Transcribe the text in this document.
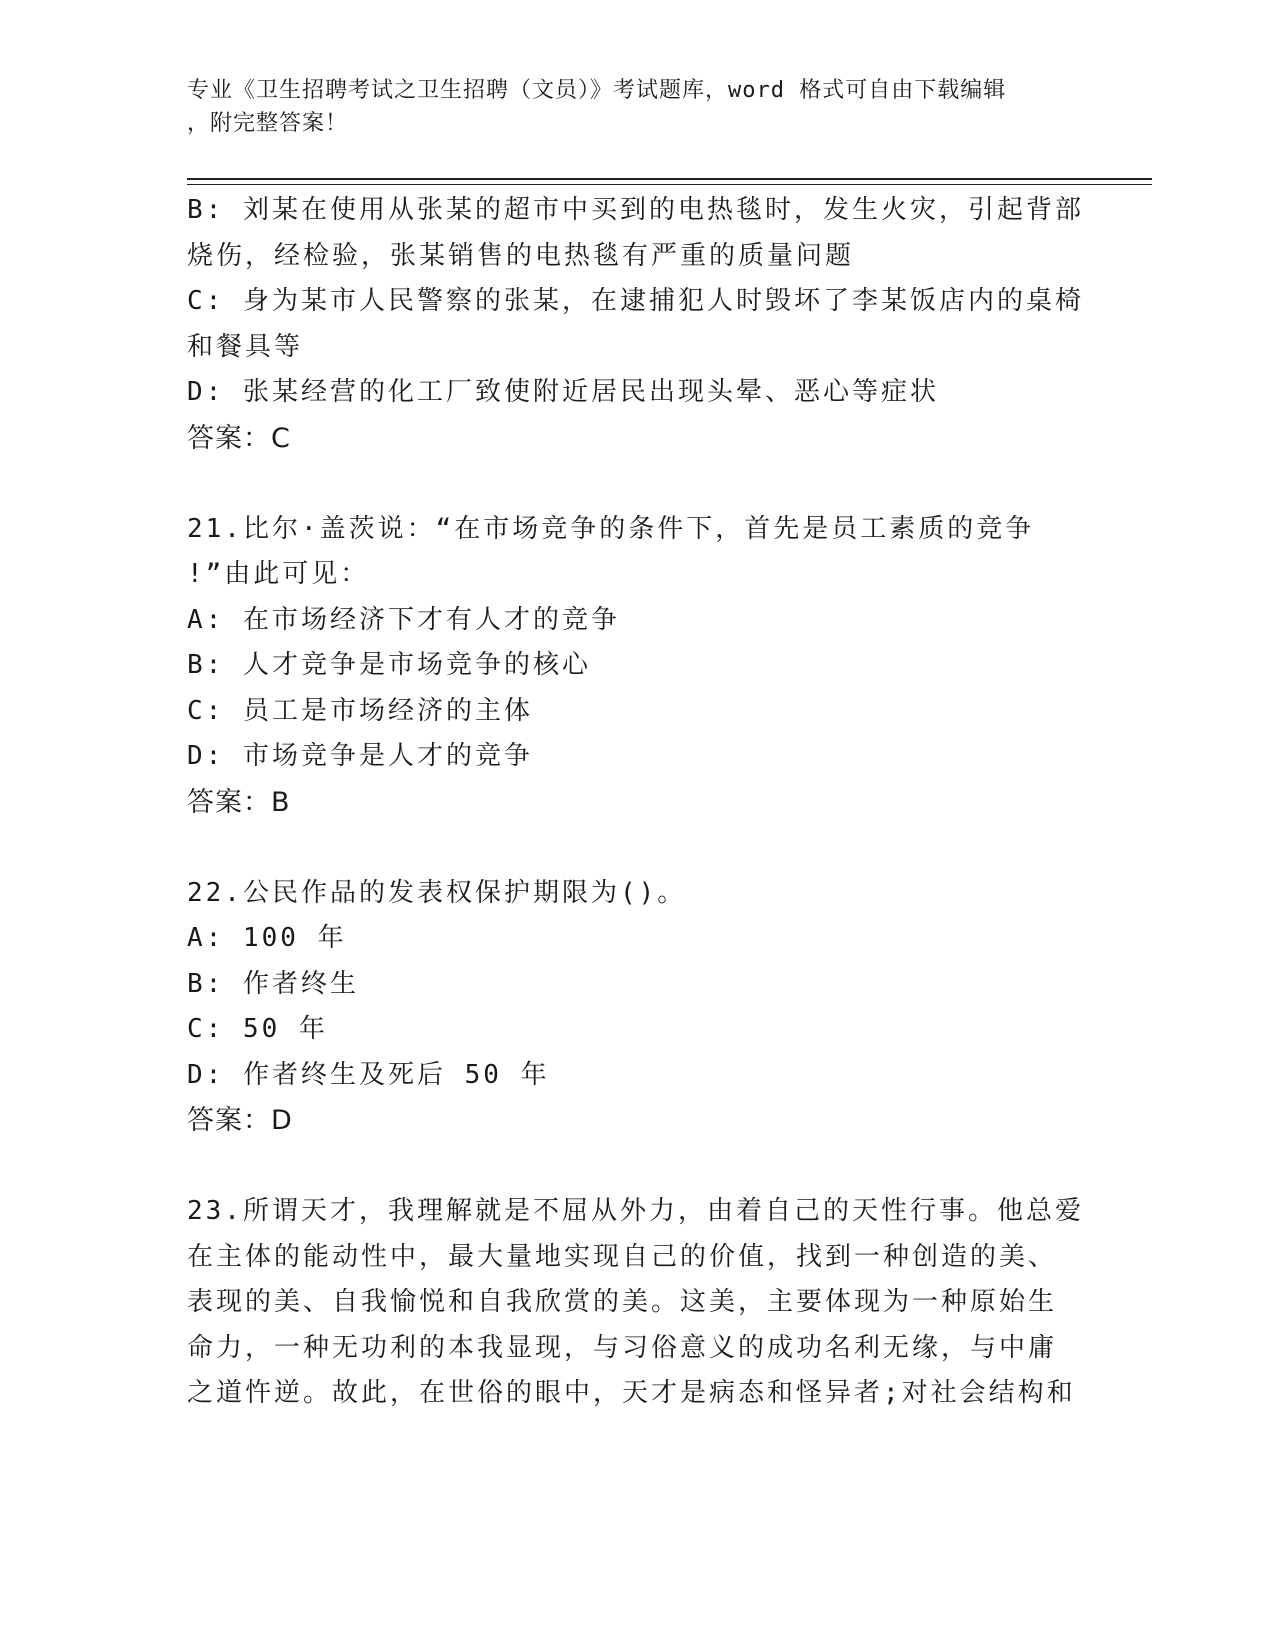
专业《卫生招聘考试之卫生招聘（文员）》考试题库，word 格式可自由下载编辑
，附完整答案！
B: 刘某在使用从张某的超市中买到的电热毯时，发生火灾，引起背部
烧伤，经检验，张某销售的电热毯有严重的质量问题
C: 身为某市人民警察的张某，在逮捕犯人时毁坏了李某饭店内的桌椅
和餐具等
D: 张某经营的化工厂致使附近居民出现头晕、恶心等症状
答案：C
21.比尔·盖茨说：“在市场竞争的条件下，首先是员工素质的竞争
!”由此可见：
A: 在市场经济下才有人才的竞争
B: 人才竞争是市场竞争的核心
C: 员工是市场经济的主体
D: 市场竞争是人才的竞争
答案：B
22.公民作品的发表权保护期限为()。
A: 100 年
B: 作者终生
C: 50 年
D: 作者终生及死后 50 年
答案：D
23.所谓天才，我理解就是不屈从外力，由着自己的天性行事。他总爱
在主体的能动性中，最大量地实现自己的价值，找到一种创造的美、
表现的美、自我愉悦和自我欣赏的美。这美，主要体现为一种原始生
命力，一种无功利的本我显现，与习俗意义的成功名利无缘，与中庸
之道忤逆。故此，在世俗的眼中，天才是病态和怪异者;对社会结构和
